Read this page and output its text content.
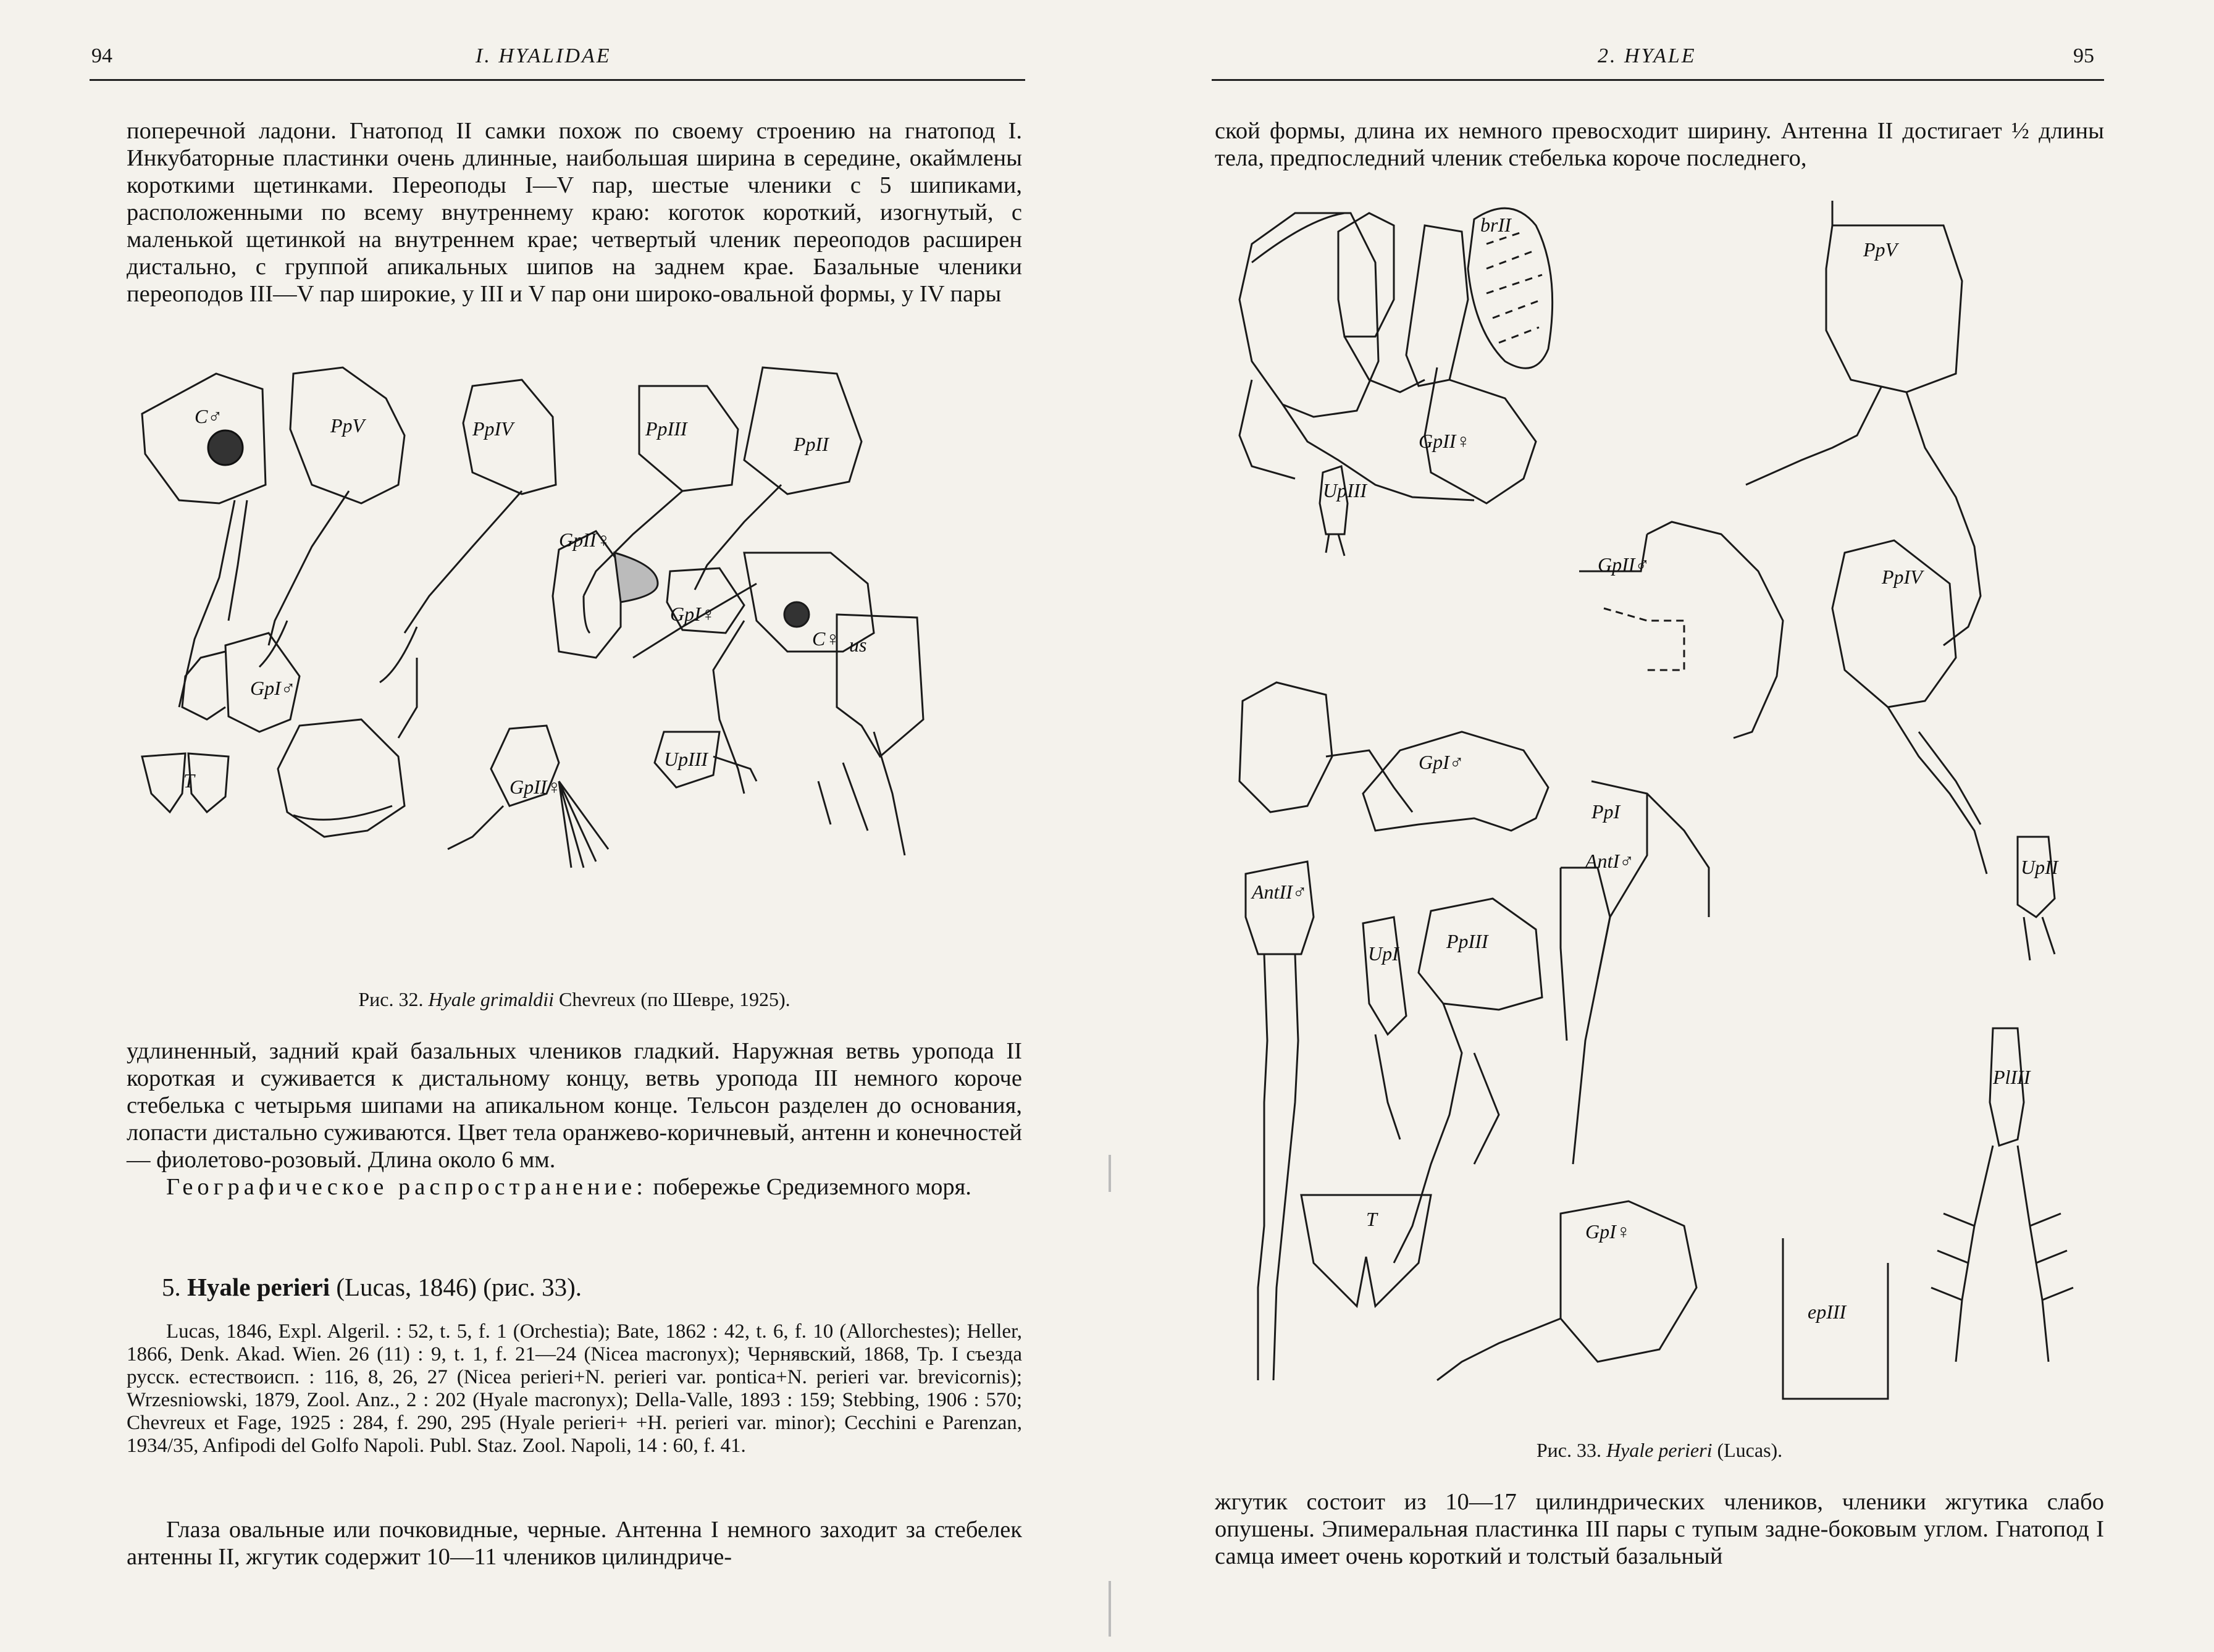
94	I. HYALIDAE

поперечной ладони. Гнатопод II самки похож по своему строению на гнатопод I. Инкубаторные пластинки очень длинные, наибольшая ширина в середине, окаймлены короткими щетинками. Переоподы I—V пар, шестые членики с 5 шипиками, расположенными по всему внутреннему краю: коготок короткий, изогнутый, с маленькой щетинкой на внутреннем крае; четвертый членик переоподов расширен дистально, с группой апикальных шипов на заднем крае. Базальные членики переоподов III—V пар широкие, у III и V пар они широко-овальной формы, у IV пары

C♂	PpV	PpIV	PpIII
PpII
C♀
GpII♀
GpI♀
us
GpI♂
GpII♀
UpIII
T
Рис. 32. Hyale grimaldii Chevreux (по Шевре, 1925).

удлиненный, задний край базальных члеников гладкий. Наружная ветвь уропода II короткая и суживается к дистальному концу, ветвь уропода III немного короче стебелька с четырьмя шипами на апикальном конце. Тельсон разделен до основания, лопасти дистально суживаются. Цвет тела оранжево-коричневый, антенн и конечностей — фиолетово-розовый. Длина около 6 мм.

Географическое распространение: побережье Средиземного моря.

5. Hyale perieri (Lucas, 1846) (рис. 33).

Lucas, 1846, Expl. Algeril. : 52, t. 5, f. 1 (Orchestia); Bate, 1862 : 42, t. 6, f. 10 (Allorchestes); Heller, 1866, Denk. Akad. Wien. 26 (11) : 9, t. 1, f. 21—24 (Nicea macronyx); Чернявский, 1868, Тр. I съезда русск. естествоисп. : 116, 8, 26, 27 (Nicea perieri+N. perieri var. pontica+N. perieri var. brevicornis); Wrzesniowski, 1879, Zool. Anz., 2 : 202 (Hyale macronyx); Della-Valle, 1893 : 159; Stebbing, 1906 : 570; Chevreux et Fage, 1925 : 284, f. 290, 295 (Hyale perieri+ +H. perieri var. minor); Cecchini e Parenzan, 1934/35, Anfipodi del Golfo Napoli. Publ. Staz. Zool. Napoli, 14 : 60, f. 41.

Глаза овальные или почковидные, черные. Антенна I немного заходит за стебелек антенны II, жгутик содержит 10—11 члеников цилиндриче-

2. HYALE	95

ской формы, длина их немного превосходит ширину. Антенна II достигает ½ длины тела, предпоследний членик стебелька короче последнего,

brII
PpV
GpII♀
UpIII
GpII♂
PpIV
GpI♂
PpI
AntII♂
AntI♂
UpI
UpII
PpIII
PlIII
T
GpI♀
epIII
Рис. 33. Hyale perieri (Lucas).

жгутик состоит из 10—17 цилиндрических члеников, членики жгутика слабо опушены. Эпимеральная пластинка III пары с тупым задне-боковым углом. Гнатопод I самца имеет очень короткий и толстый базальный
